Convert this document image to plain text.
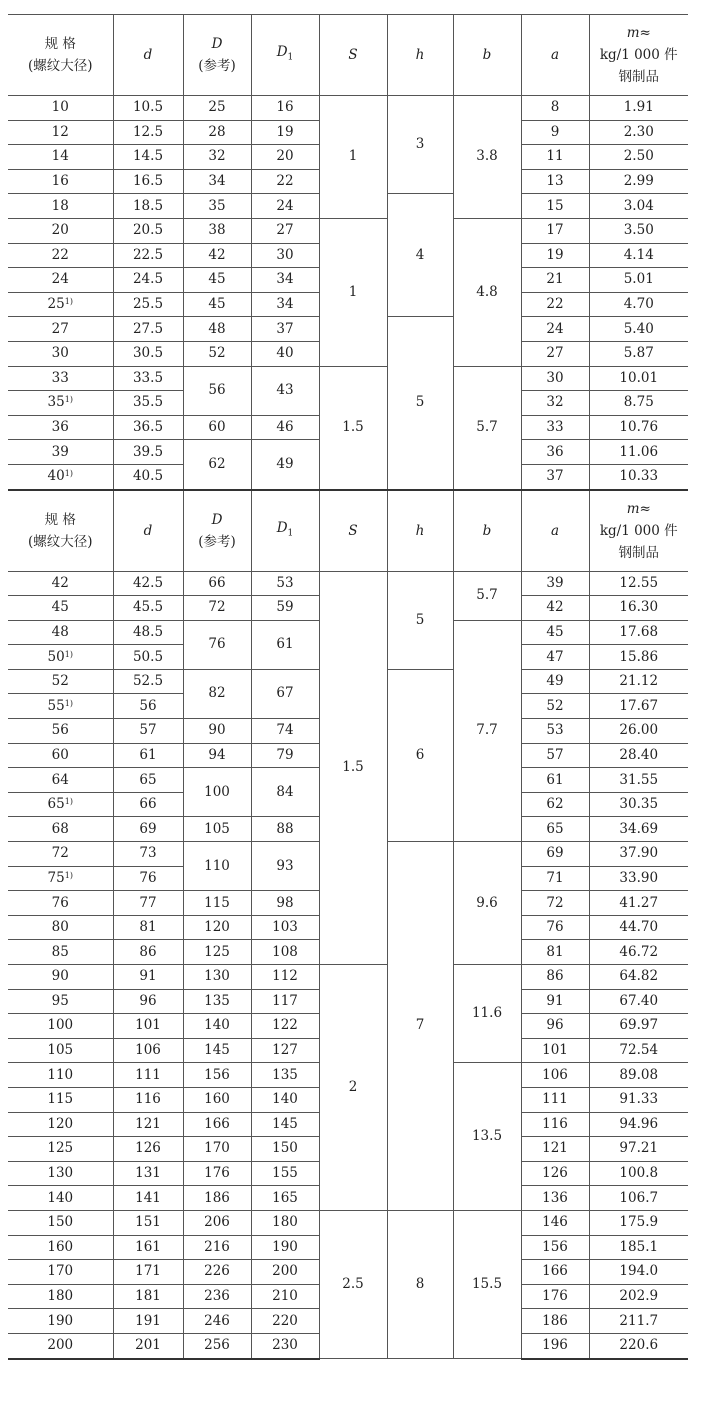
规 格
(螺纹大径)	d	D
(参考)	$D_1$	S	h	b	a	m≈
kg/1 000 件
钢制品
10	10.5	25	16	1	3	3.8	8	1.91
12	12.5	28	19				9	2.30
14	14.5	32	20				11	2.50
16	16.5	34	22				13	2.99
18	18.5	35	24		4		15	3.04
20	20.5	38	27	1		4.8	17	3.50
22	22.5	42	30				19	4.14
24	24.5	45	34				21	5.01
25$^{1)}$	25.5	45	34				22	4.70
27	27.5	48	37		5		24	5.40
30	30.5	52	40				27	5.87
33	33.5	56	43	1.5		5.7	30	10.01
35$^{1)}$	35.5						32	8.75
36	36.5	60	46				33	10.76
39	39.5	62	49				36	11.06
40$^{1)}$	40.5						37	10.33
规 格
(螺纹大径)	d	D
(参考)	$D_1$	S	h	b	a	m≈
kg/1 000 件
钢制品
42	42.5	66	53	1.5	5	5.7	39	12.55
45	45.5	72	59				42	16.30
48	48.5	76	61			7.7	45	17.68
50$^{1)}$	50.5						47	15.86
52	52.5	82	67		6		49	21.12
55$^{1)}$	56						52	17.67
56	57	90	74				53	26.00
60	61	94	79				57	28.40
64	65	100	84				61	31.55
65$^{1)}$	66						62	30.35
68	69	105	88				65	34.69
72	73	110	93		7	9.6	69	37.90
75$^{1)}$	76						71	33.90
76	77	115	98				72	41.27
80	81	120	103				76	44.70
85	86	125	108				81	46.72
90	91	130	112	2		11.6	86	64.82
95	96	135	117				91	67.40
100	101	140	122				96	69.97
105	106	145	127				101	72.54
110	111	156	135			13.5	106	89.08
115	116	160	140				111	91.33
120	121	166	145				116	94.96
125	126	170	150				121	97.21
130	131	176	155				126	100.8
140	141	186	165				136	106.7
150	151	206	180	2.5	8	15.5	146	175.9
160	161	216	190				156	185.1
170	171	226	200				166	194.0
180	181	236	210				176	202.9
190	191	246	220				186	211.7
200	201	256	230				196	220.6
